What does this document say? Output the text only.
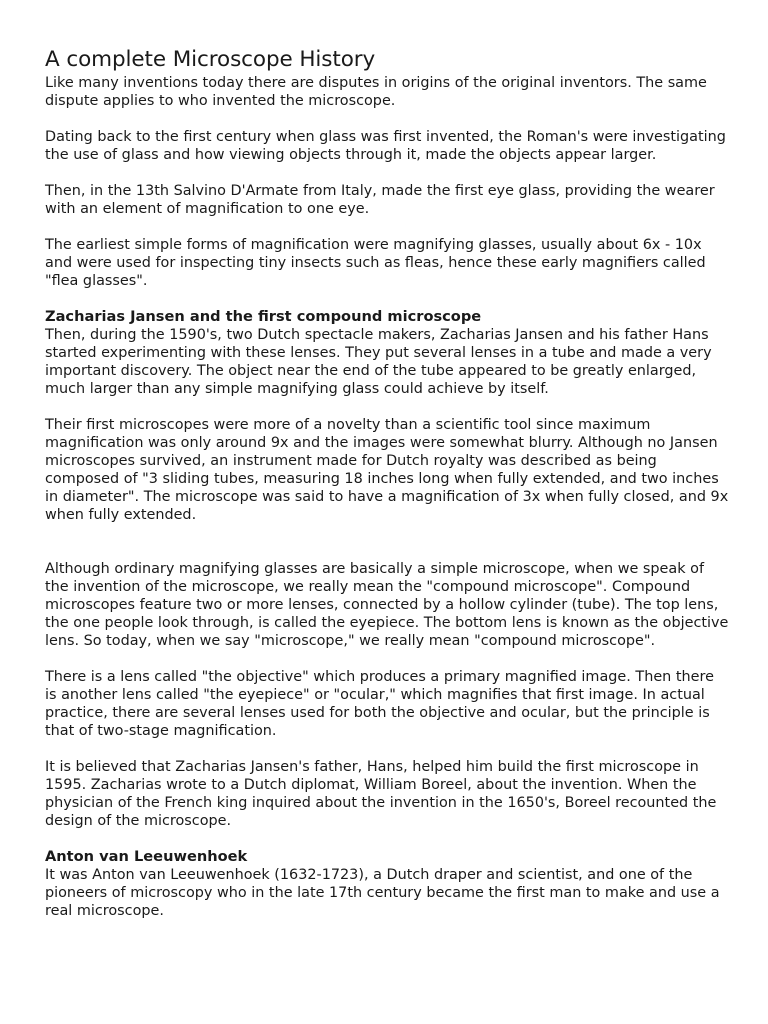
A complete Microscope History

Like many inventions today there are disputes in origins of the original inventors. The same dispute applies to who invented the microscope.

Dating back to the first century when glass was first invented, the Roman's were investigating the use of glass and how viewing objects through it, made the objects appear larger.

Then, in the 13th Salvino D'Armate from Italy, made the first eye glass, providing the wearer with an element of magnification to one eye.

The earliest simple forms of magnification were magnifying glasses, usually about 6x - 10x and were used for inspecting tiny insects such as fleas, hence these early magnifiers called "flea glasses".

Zacharias Jansen and the first compound microscope

Then, during the 1590's, two Dutch spectacle makers, Zacharias Jansen and his father Hans started experimenting with these lenses. They put several lenses in a tube and made a very important discovery. The object near the end of the tube appeared to be greatly enlarged, much larger than any simple magnifying glass could achieve by itself.

Their first microscopes were more of a novelty than a scientific tool since maximum magnification was only around 9x and the images were somewhat blurry. Although no Jansen microscopes survived, an instrument made for Dutch royalty was described as being composed of "3 sliding tubes, measuring 18 inches long when fully extended, and two inches in diameter". The microscope was said to have a magnification of 3x when fully closed, and 9x when fully extended.

Although ordinary magnifying glasses are basically a simple microscope, when we speak of the invention of the microscope, we really mean the "compound microscope". Compound microscopes feature two or more lenses, connected by a hollow cylinder (tube). The top lens, the one people look through, is called the eyepiece. The bottom lens is known as the objective lens. So today, when we say "microscope," we really mean "compound microscope".

There is a lens called "the objective" which produces a primary magnified image. Then there is another lens called "the eyepiece" or "ocular," which magnifies that first image. In actual practice, there are several lenses used for both the objective and ocular, but the principle is that of two-stage magnification.

It is believed that Zacharias Jansen's father, Hans, helped him build the first microscope in 1595. Zacharias wrote to a Dutch diplomat, William Boreel, about the invention. When the physician of the French king inquired about the invention in the 1650's, Boreel recounted the design of the microscope.

Anton van Leeuwenhoek

It was Anton van Leeuwenhoek (1632-1723), a Dutch draper and scientist, and one of the pioneers of microscopy who in the late 17th century became the first man to make and use a real microscope.
